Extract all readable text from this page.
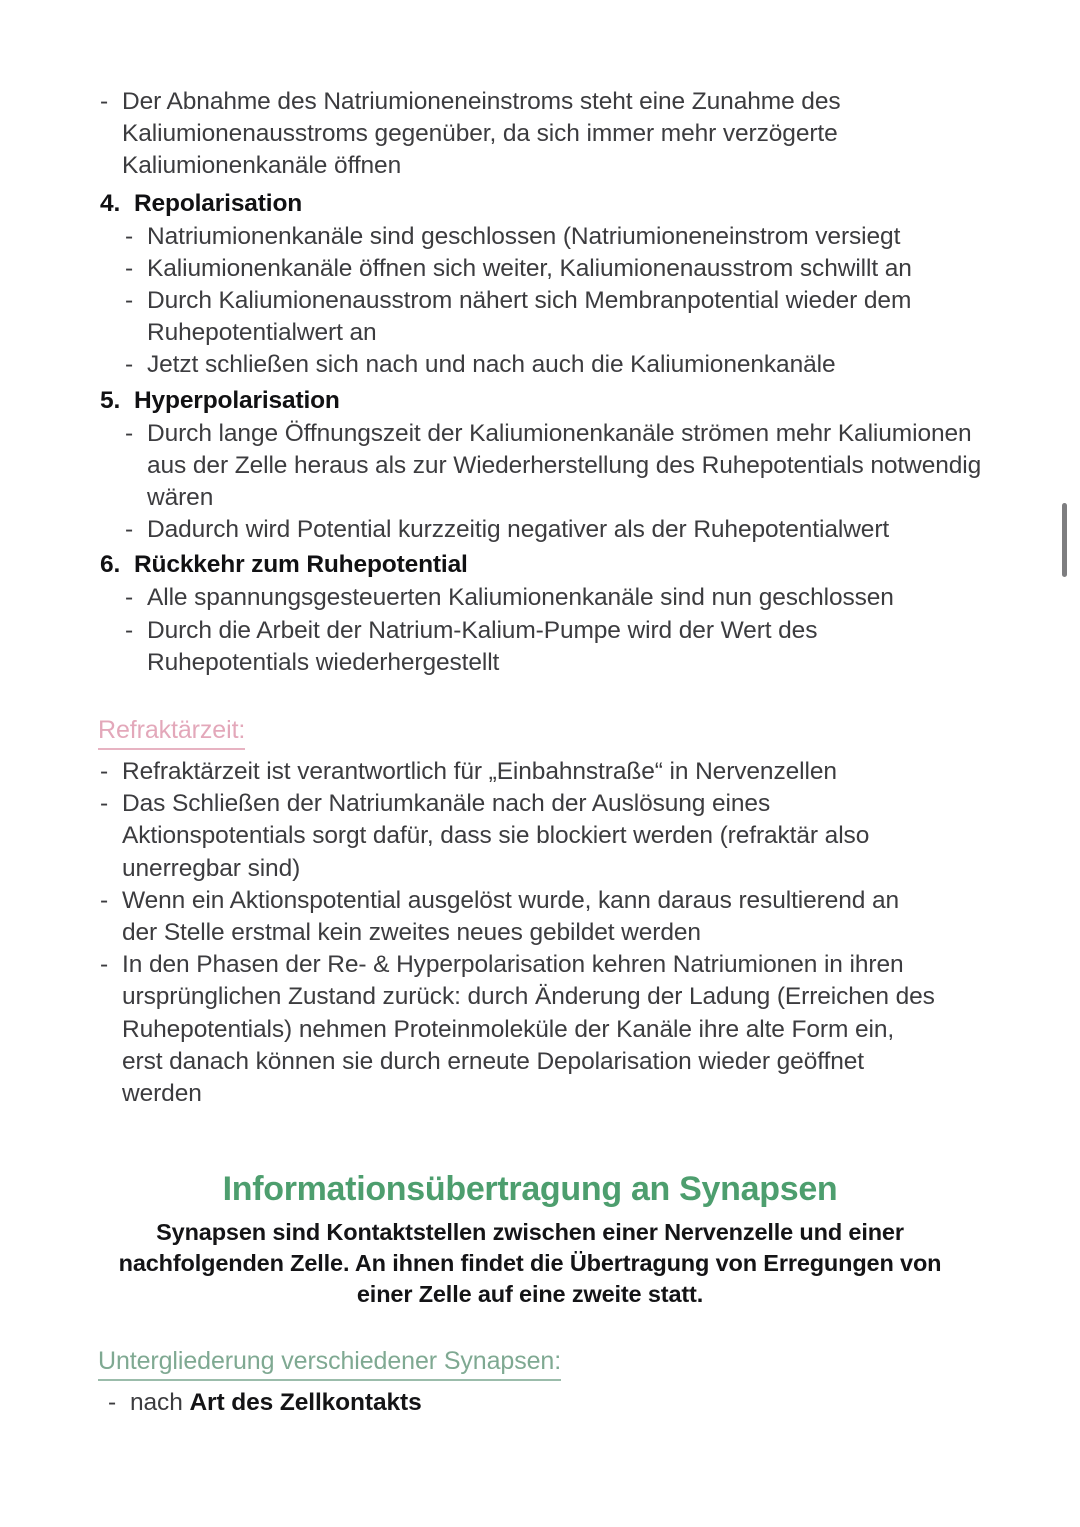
- Der Abnahme des Natriumioneneinstroms steht eine Zunahme des Kaliumionenausstroms gegenüber, da sich immer mehr verzögerte Kaliumionenkanäle öffnen
4. Repolarisation
- Natriumionenkanäle sind geschlossen (Natriumioneneinstrom versiegt
- Kaliumionenkanäle öffnen sich weiter, Kaliumionenausstrom schwillt an
- Durch Kaliumionenausstrom nähert sich Membranpotential wieder dem Ruhepotentialwert an
- Jetzt schließen sich nach und nach auch die Kaliumionenkanäle
5. Hyperpolarisation
- Durch lange Öffnungszeit der Kaliumionenkanäle strömen mehr Kaliumionen aus der Zelle heraus als zur Wiederherstellung des Ruhepotentials notwendig wären
- Dadurch wird Potential kurzzeitig negativer als der Ruhepotentialwert
6. Rückkehr zum Ruhepotential
- Alle spannungsgesteuerten Kaliumionenkanäle sind nun geschlossen
- Durch die Arbeit der Natrium-Kalium-Pumpe wird der Wert des Ruhepotentials wiederhergestellt
Refraktärzeit:
- Refraktärzeit ist verantwortlich für „Einbahnstraße“ in Nervenzellen
- Das Schließen der Natriumkanäle nach der Auslösung eines Aktionspotentials sorgt dafür, dass sie blockiert werden (refraktär also unerregbar sind)
- Wenn ein Aktionspotential ausgelöst wurde, kann daraus resultierend an der Stelle erstmal kein zweites neues gebildet werden
- In den Phasen der Re- & Hyperpolarisation kehren Natriumionen in ihren ursprünglichen Zustand zurück: durch Änderung der Ladung (Erreichen des Ruhepotentials) nehmen Proteinmoleküle der Kanäle ihre alte Form ein, erst danach können sie durch erneute Depolarisation wieder geöffnet werden
Informationsübertragung an Synapsen
Synapsen sind Kontaktstellen zwischen einer Nervenzelle und einer
nachfolgenden Zelle. An ihnen findet die Übertragung von Erregungen von
einer Zelle auf eine zweite statt.
Untergliederung verschiedener Synapsen:
- nach Art des Zellkontakts
